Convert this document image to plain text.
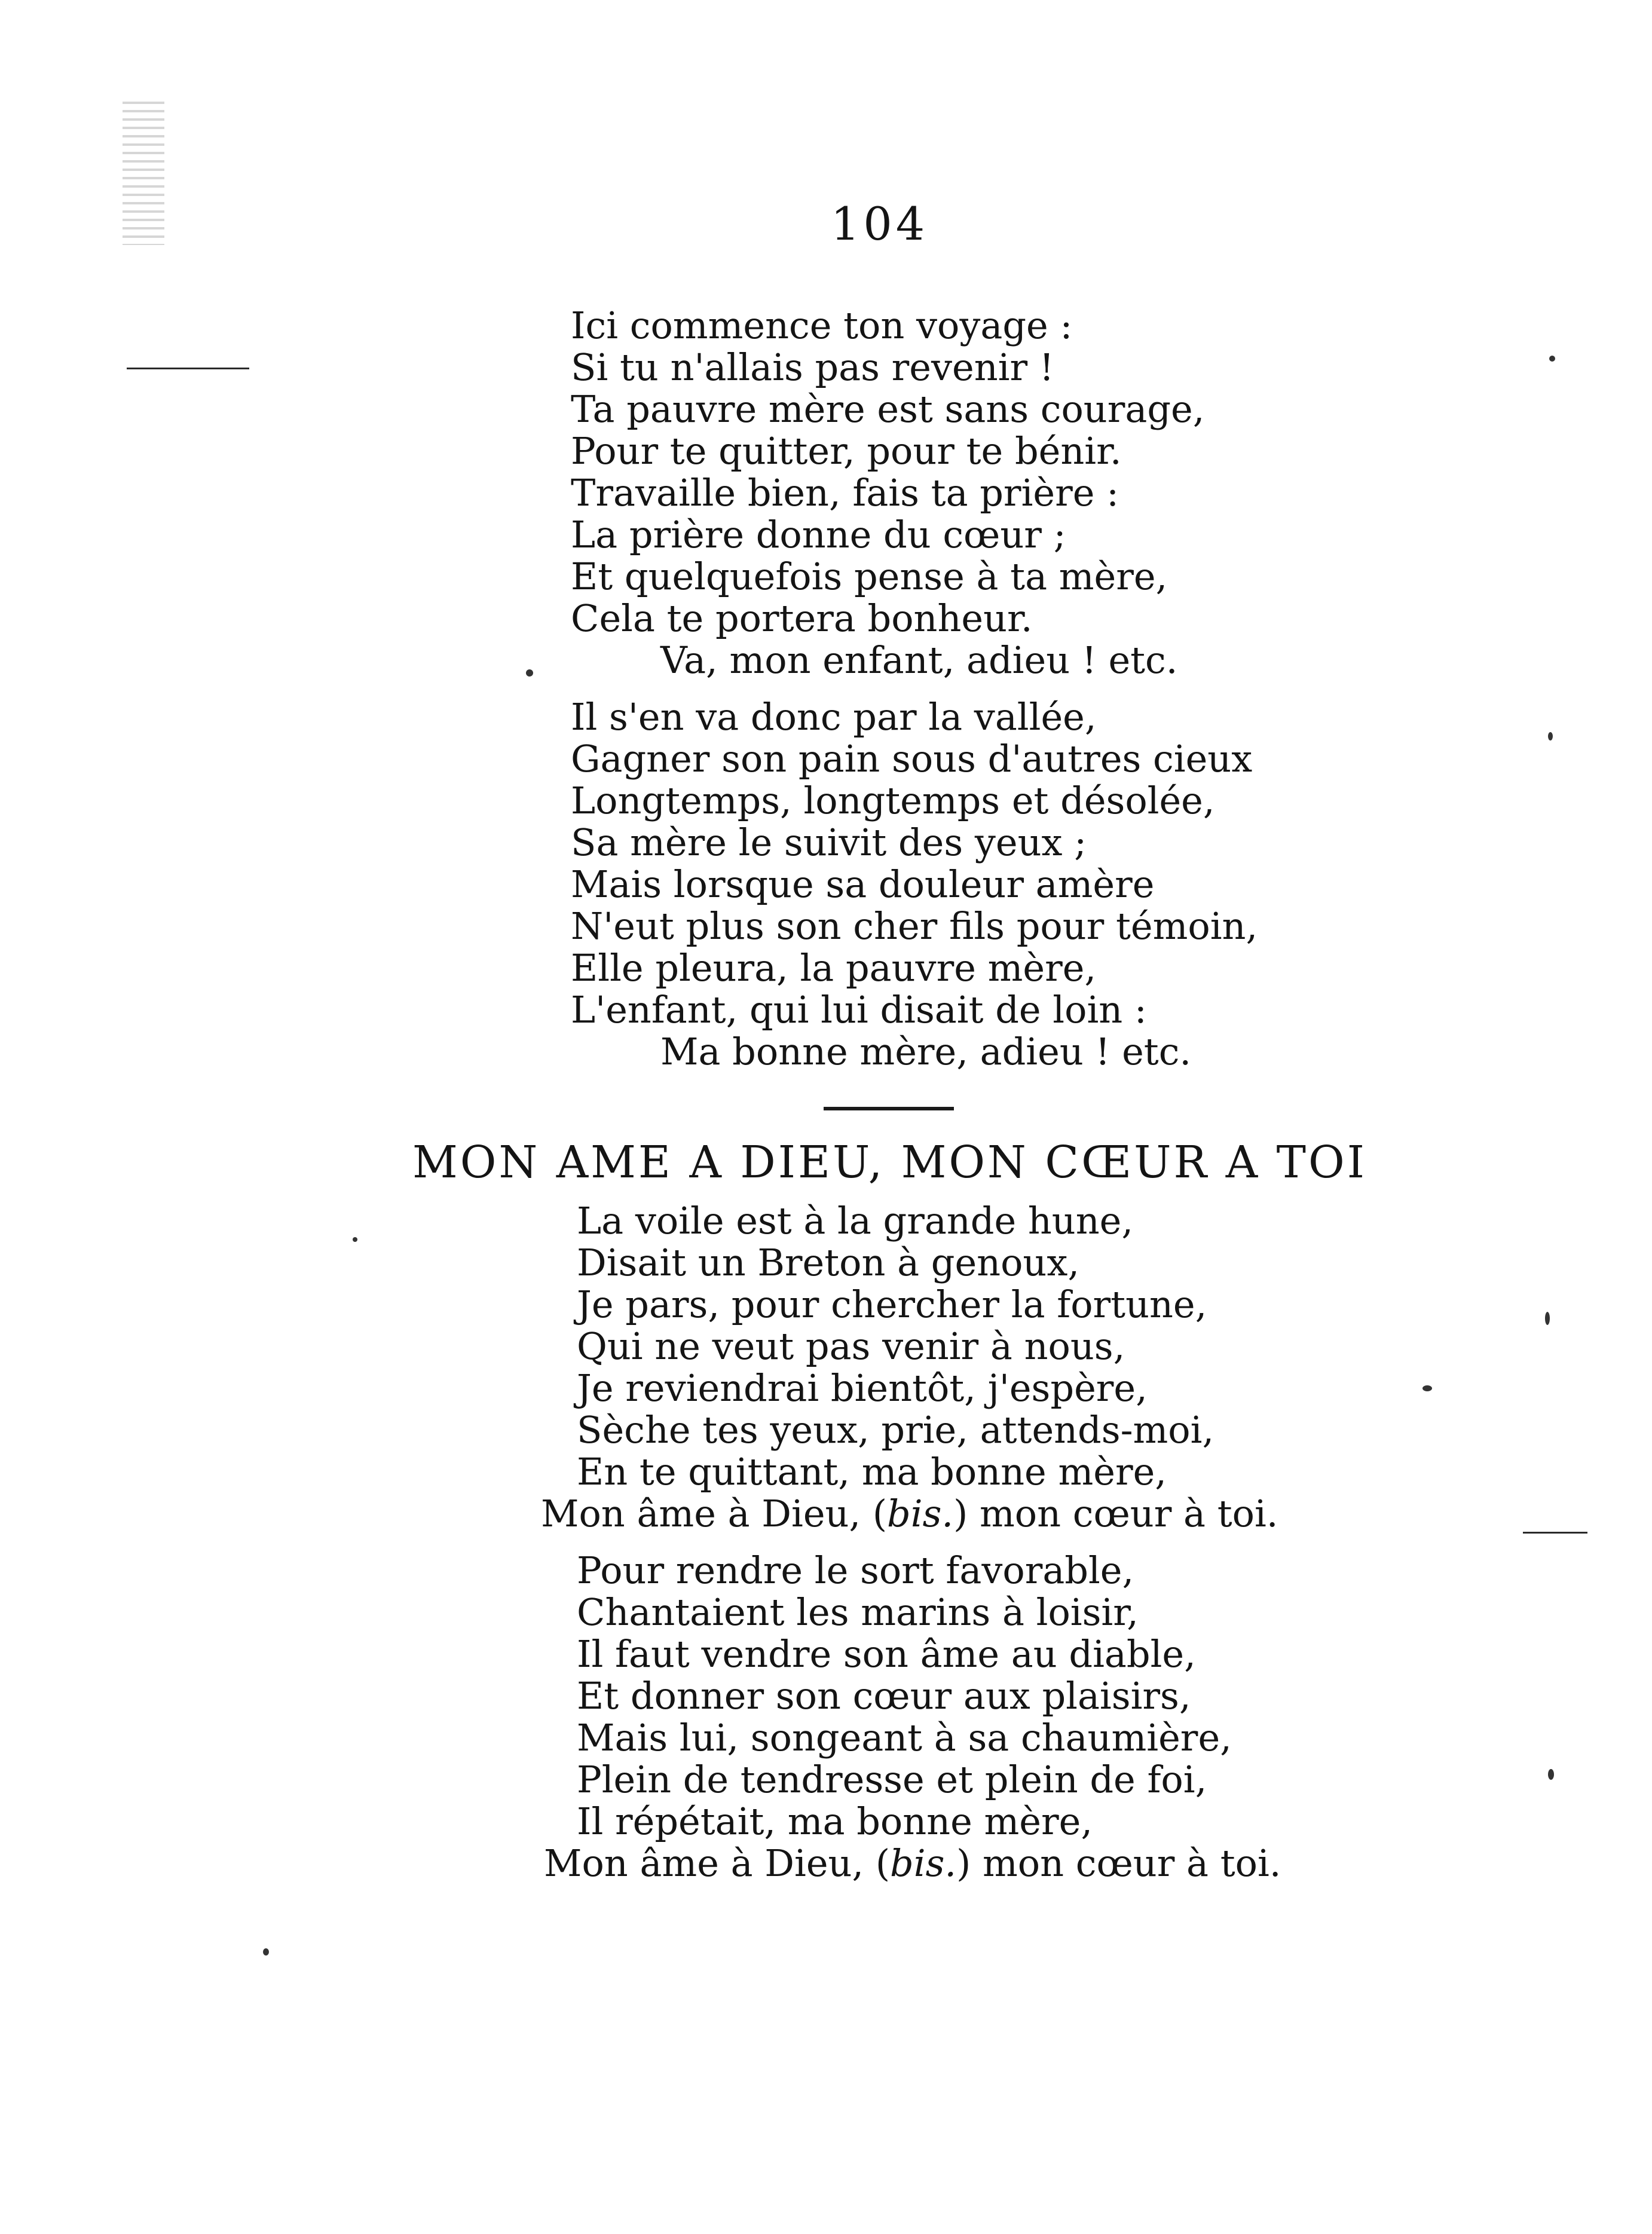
104
Ici commence ton voyage :
Si tu n'allais pas revenir !
Ta pauvre mère est sans courage,
Pour te quitter, pour te bénir.
Travaille bien, fais ta prière :
La prière donne du cœur ;
Et quelquefois pense à ta mère,
Cela te portera bonheur.
Va, mon enfant, adieu ! etc.
Il s'en va donc par la vallée,
Gagner son pain sous d'autres cieux
Longtemps, longtemps et désolée,
Sa mère le suivit des yeux ;
Mais lorsque sa douleur amère
N'eut plus son cher fils pour témoin,
Elle pleura, la pauvre mère,
L'enfant, qui lui disait de loin :
Ma bonne mère, adieu ! etc.
MON AME A DIEU, MON CŒUR A TOI
La voile est à la grande hune,
Disait un Breton à genoux,
Je pars, pour chercher la fortune,
Qui ne veut pas venir à nous,
Je reviendrai bientôt, j'espère,
Sèche tes yeux, prie, attends-moi,
En te quittant, ma bonne mère,
Mon âme à Dieu, (bis.) mon cœur à toi.
Pour rendre le sort favorable,
Chantaient les marins à loisir,
Il faut vendre son âme au diable,
Et donner son cœur aux plaisirs,
Mais lui, songeant à sa chaumière,
Plein de tendresse et plein de foi,
Il répétait, ma bonne mère,
Mon âme à Dieu, (bis.) mon cœur à toi.
